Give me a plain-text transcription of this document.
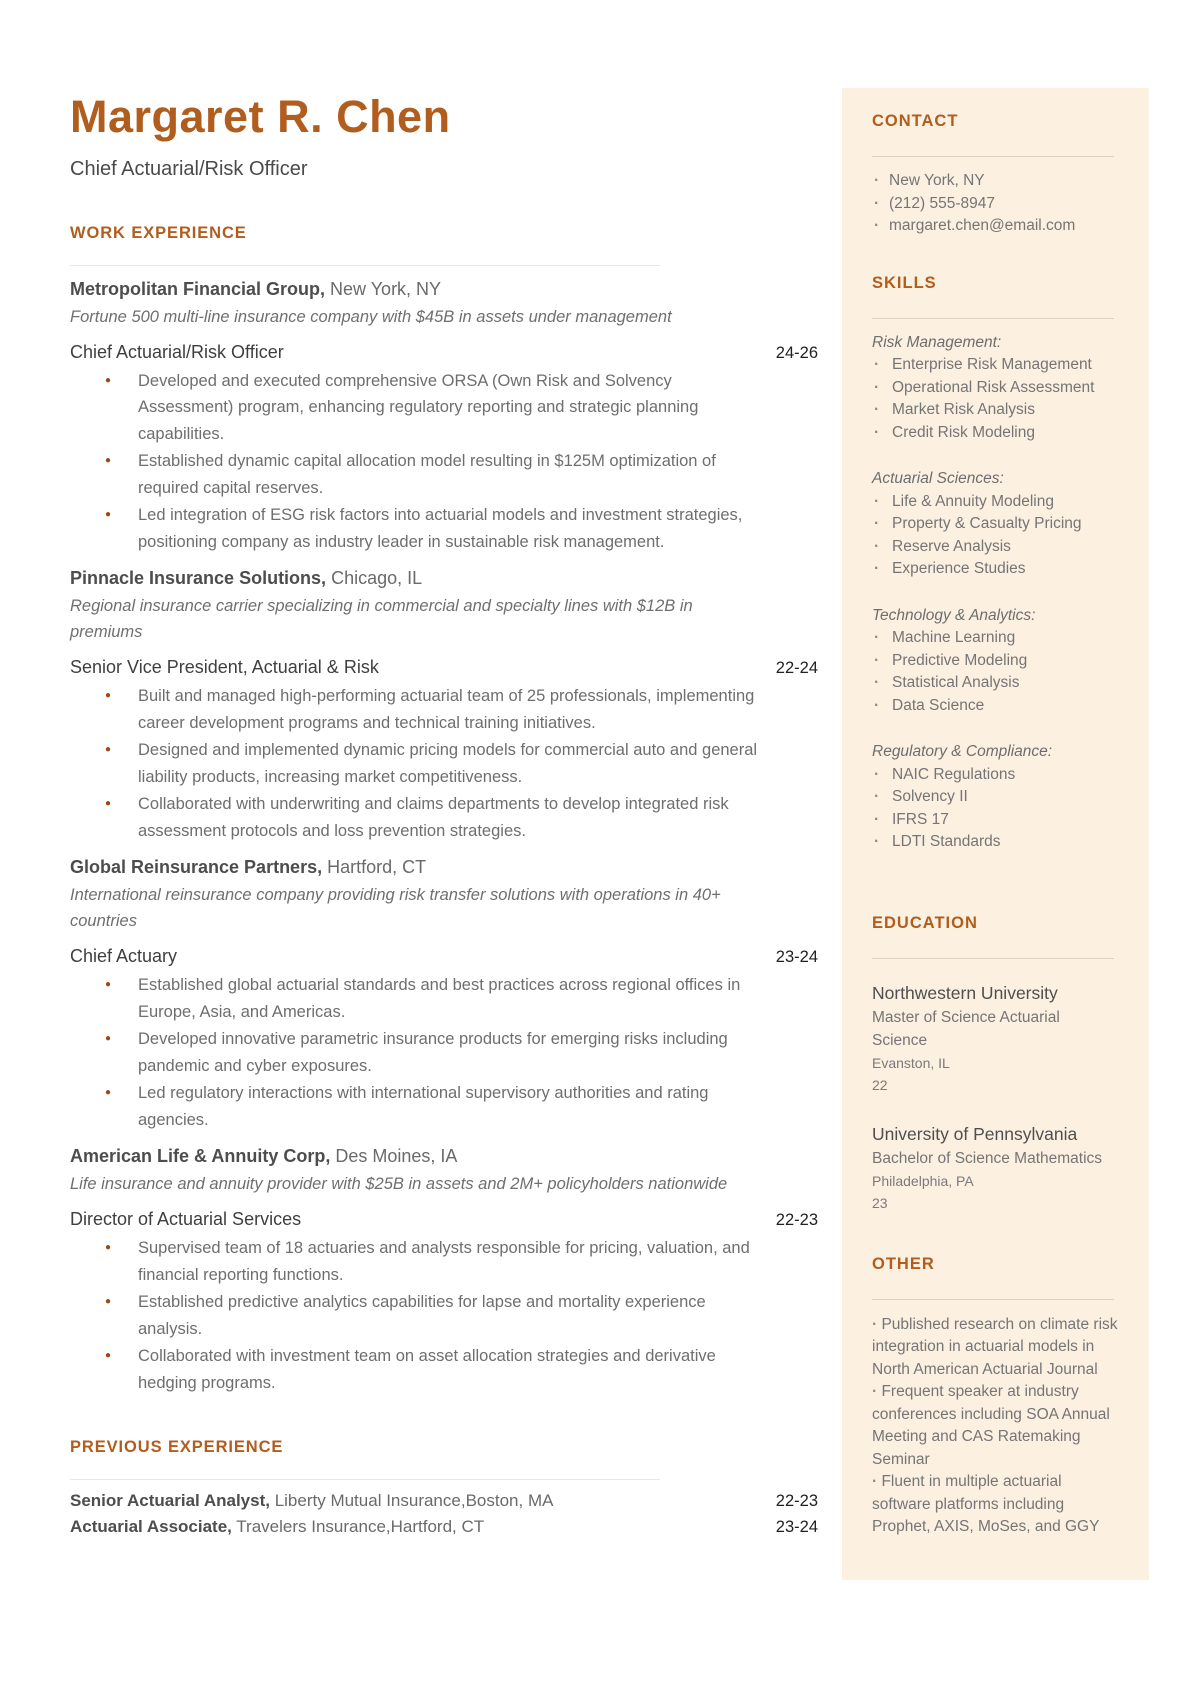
Margaret R. Chen
Chief Actuarial/Risk Officer
WORK EXPERIENCE
Metropolitan Financial Group, New York, NY
Fortune 500 multi-line insurance company with $45B in assets under management
Chief Actuarial/Risk Officer	24-26
● Developed and executed comprehensive ORSA (Own Risk and Solvency Assessment) program, enhancing regulatory reporting and strategic planning capabilities.
● Established dynamic capital allocation model resulting in $125M optimization of required capital reserves.
● Led integration of ESG risk factors into actuarial models and investment strategies, positioning company as industry leader in sustainable risk management.
Pinnacle Insurance Solutions, Chicago, IL
Regional insurance carrier specializing in commercial and specialty lines with $12B in premiums
Senior Vice President, Actuarial & Risk	22-24
● Built and managed high-performing actuarial team of 25 professionals, implementing career development programs and technical training initiatives.
● Designed and implemented dynamic pricing models for commercial auto and general liability products, increasing market competitiveness.
● Collaborated with underwriting and claims departments to develop integrated risk assessment protocols and loss prevention strategies.
Global Reinsurance Partners, Hartford, CT
International reinsurance company providing risk transfer solutions with operations in 40+ countries
Chief Actuary	23-24
● Established global actuarial standards and best practices across regional offices in Europe, Asia, and Americas.
● Developed innovative parametric insurance products for emerging risks including pandemic and cyber exposures.
● Led regulatory interactions with international supervisory authorities and rating agencies.
American Life & Annuity Corp, Des Moines, IA
Life insurance and annuity provider with $25B in assets and 2M+ policyholders nationwide
Director of Actuarial Services	22-23
● Supervised team of 18 actuaries and analysts responsible for pricing, valuation, and financial reporting functions.
● Established predictive analytics capabilities for lapse and mortality experience analysis.
● Collaborated with investment team on asset allocation strategies and derivative hedging programs.
PREVIOUS EXPERIENCE
Senior Actuarial Analyst, Liberty Mutual Insurance,Boston, MA	22-23
Actuarial Associate, Travelers Insurance,Hartford, CT	23-24
CONTACT
· New York, NY
· (212) 555-8947
· margaret.chen@email.com
SKILLS
Risk Management:
· Enterprise Risk Management
· Operational Risk Assessment
· Market Risk Analysis
· Credit Risk Modeling
Actuarial Sciences:
· Life & Annuity Modeling
· Property & Casualty Pricing
· Reserve Analysis
· Experience Studies
Technology & Analytics:
· Machine Learning
· Predictive Modeling
· Statistical Analysis
· Data Science
Regulatory & Compliance:
· NAIC Regulations
· Solvency II
· IFRS 17
· LDTI Standards
EDUCATION
Northwestern University
Master of Science Actuarial Science
Evanston, IL
22
University of Pennsylvania
Bachelor of Science Mathematics
Philadelphia, PA
23
OTHER
· Published research on climate risk integration in actuarial models in North American Actuarial Journal
· Frequent speaker at industry conferences including SOA Annual Meeting and CAS Ratemaking Seminar
· Fluent in multiple actuarial software platforms including Prophet, AXIS, MoSes, and GGY
